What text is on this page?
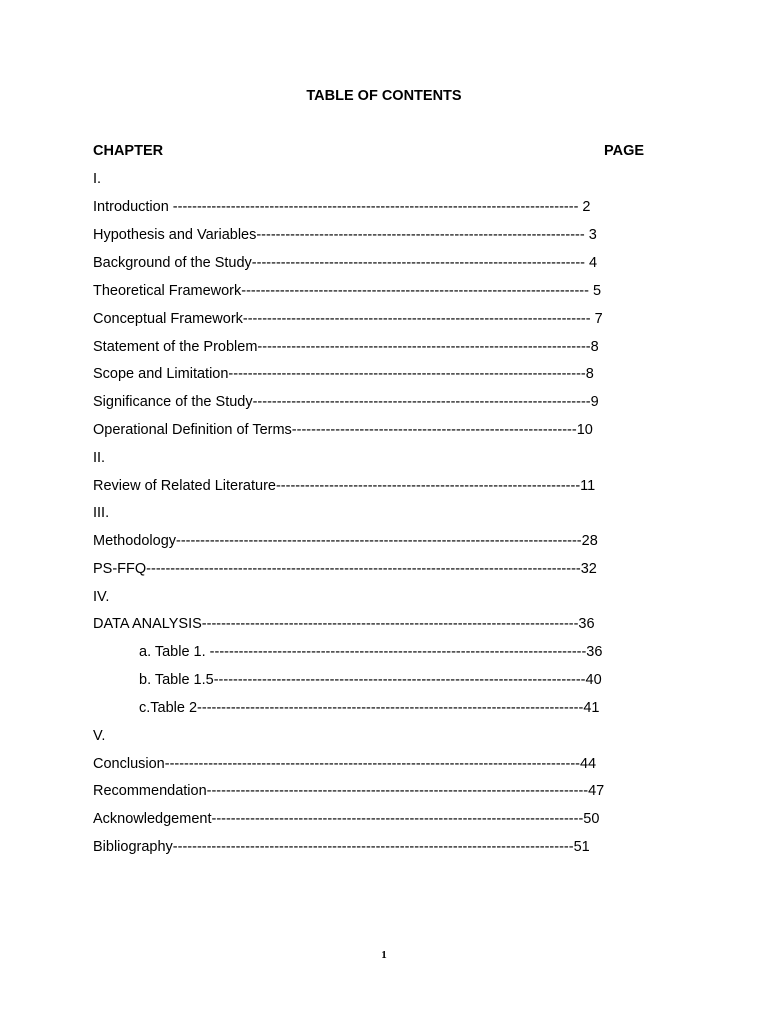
TABLE OF CONTENTS
CHAPTER	PAGE
I.
Introduction ------------------------------------------------------------------------------------ 2
Hypothesis and Variables-------------------------------------------------------------------- 3
Background of the Study--------------------------------------------------------------------- 4
Theoretical Framework------------------------------------------------------------------------ 5
Conceptual Framework------------------------------------------------------------------------ 7
Statement of the Problem---------------------------------------------------------------------8
Scope and Limitation--------------------------------------------------------------------------8
Significance of the Study----------------------------------------------------------------------9
Operational Definition of Terms-----------------------------------------------------------10
II.
Review of Related Literature---------------------------------------------------------------11
III.
Methodology------------------------------------------------------------------------------------28
PS-FFQ------------------------------------------------------------------------------------------32
IV.
DATA ANALYSIS------------------------------------------------------------------------------36
a. Table 1. ------------------------------------------------------------------------------36
b. Table 1.5-----------------------------------------------------------------------------40
c.Table 2--------------------------------------------------------------------------------41
V.
Conclusion--------------------------------------------------------------------------------------44
Recommendation-------------------------------------------------------------------------------47
Acknowledgement-----------------------------------------------------------------------------50
Bibliography-----------------------------------------------------------------------------------51
1
